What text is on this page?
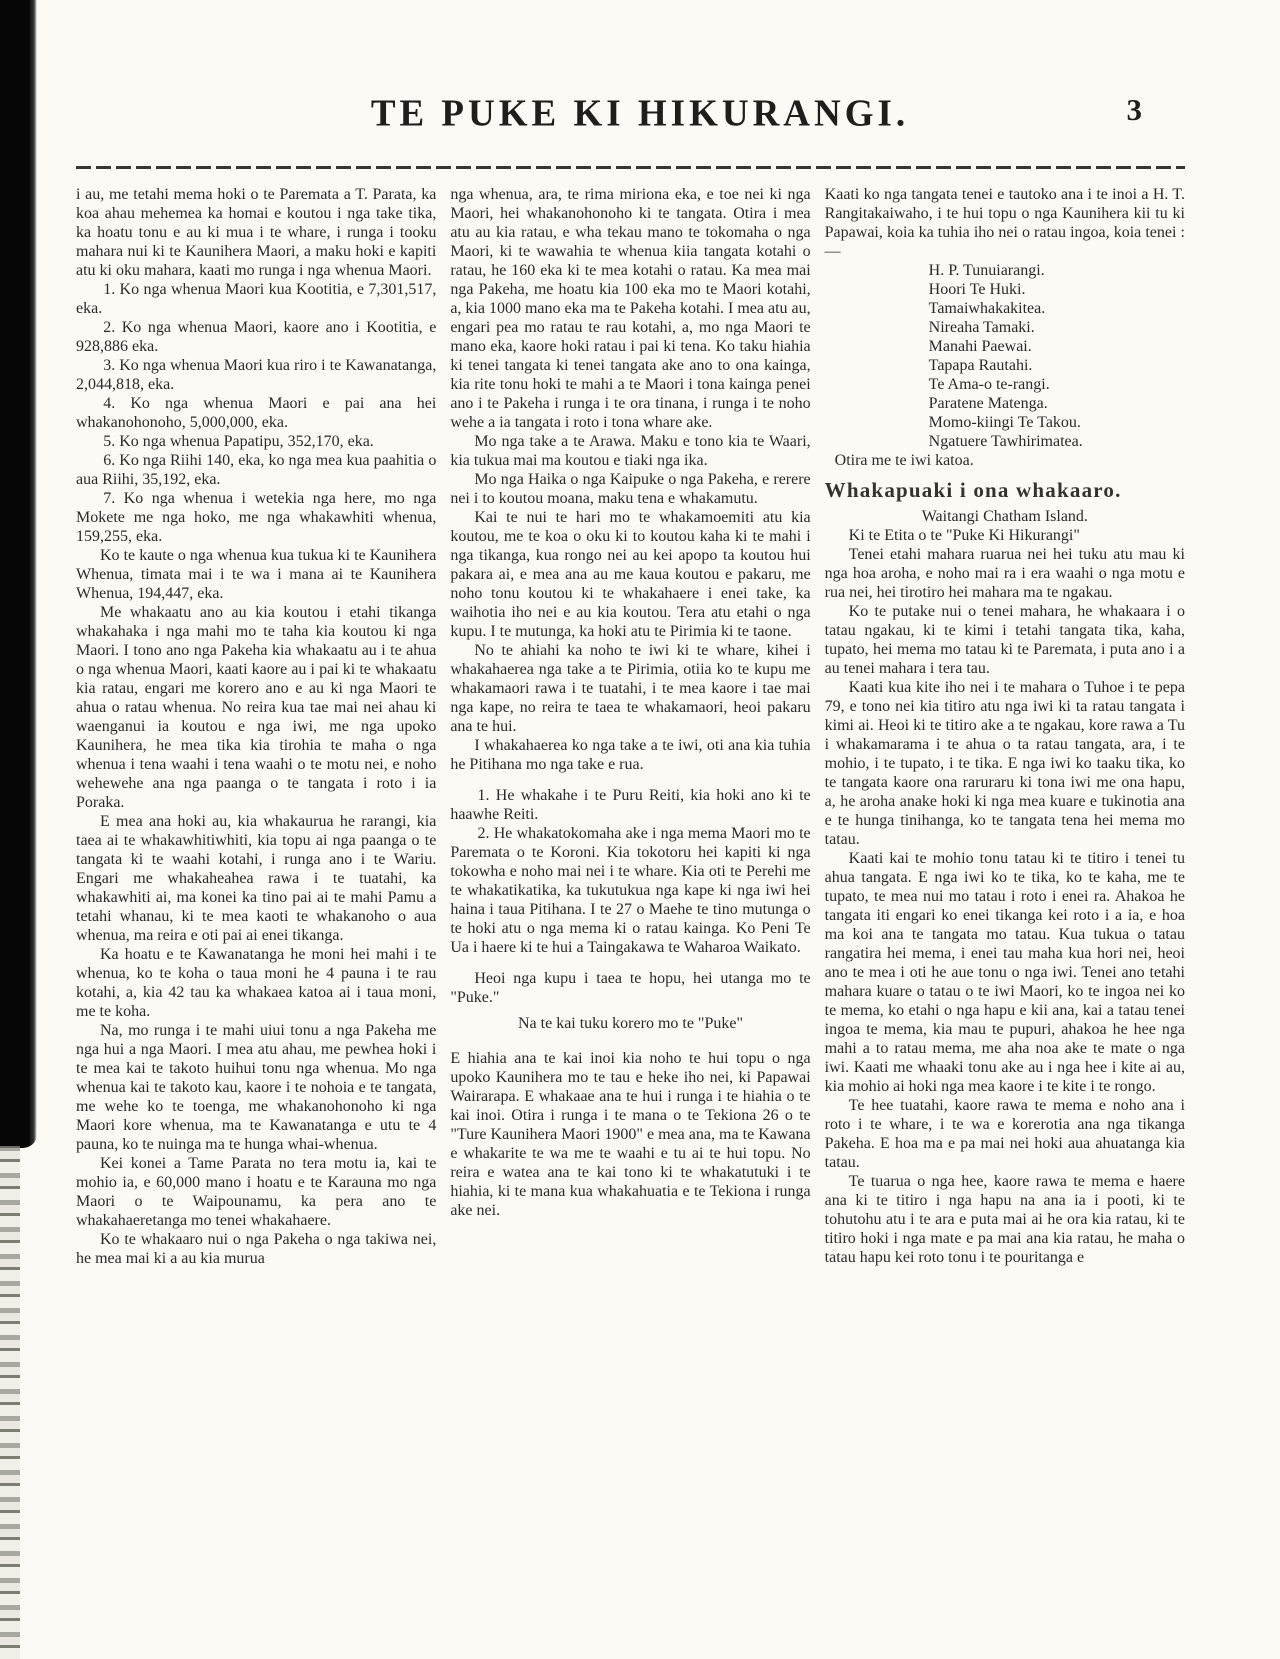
TE PUKE KI HIKURANGI.	3

i au, me tetahi mema hoki o te Paremata a T. Parata, ka koa ahau mehemea ka homai e koutou i nga take tika, ka hoatu tonu e au ki mua i te whare, i runga i tooku mahara nui ki te Kaunihera Maori, a maku hoki e kapiti atu ki oku mahara, kaati mo runga i nga whenua Maori.

1. Ko nga whenua Maori kua Kootitia, e 7,301,517, eka.

2. Ko nga whenua Maori, kaore ano i Kootitia, e 928,886 eka.

3. Ko nga whenua Maori kua riro i te Kawanatanga, 2,044,818, eka.

4. Ko nga whenua Maori e pai ana hei whakanohonoho, 5,000,000, eka.

5. Ko nga whenua Papatipu, 352,170, eka.

6. Ko nga Riihi 140, eka, ko nga mea kua paahitia o aua Riihi, 35,192, eka.

7. Ko nga whenua i wetekia nga here, mo nga Mokete me nga hoko, me nga whakawhiti whenua, 159,255, eka.

Ko te kaute o nga whenua kua tukua ki te Kaunihera Whenua, timata mai i te wa i mana ai te Kaunihera Whenua, 194,447, eka.

Me whakaatu ano au kia koutou i etahi tikanga whakahaka i nga mahi mo te taha kia koutou ki nga Maori. I tono ano nga Pakeha kia whakaatu au i te ahua o nga whenua Maori, kaati kaore au i pai ki te whakaatu kia ratau, engari me korero ano e au ki nga Maori te ahua o ratau whenua. No reira kua tae mai nei ahau ki waenganui ia koutou e nga iwi, me nga upoko Kaunihera, he mea tika kia tirohia te maha o nga whenua i tena waahi i tena waahi o te motu nei, e noho wehewehe ana nga paanga o te tangata i roto i ia Poraka.

E mea ana hoki au, kia whakaurua he rarangi, kia taea ai te whakawhitiwhiti, kia topu ai nga paanga o te tangata ki te waahi kotahi, i runga ano i te Wariu. Engari me whakaheahea rawa i te tuatahi, ka whakawhiti ai, ma konei ka tino pai ai te mahi Pamu a tetahi whanau, ki te mea kaoti te whakanoho o aua whenua, ma reira e oti pai ai enei tikanga.

Ka hoatu e te Kawanatanga he moni hei mahi i te whenua, ko te koha o taua moni he 4 pauna i te rau kotahi, a, kia 42 tau ka whakaea katoa ai i taua moni, me te koha.

Na, mo runga i te mahi uiui tonu a nga Pakeha me nga hui a nga Maori. I mea atu ahau, me pewhea hoki i te mea kai te takoto huihui tonu nga whenua. Mo nga whenua kai te takoto kau, kaore i te nohoia e te tangata, me wehe ko te toenga, me whakanohonoho ki nga Maori kore whenua, ma te Kawanatanga e utu te 4 pauna, ko te nuinga ma te hunga whai-whenua.

Kei konei a Tame Parata no tera motu ia, kai te mohio ia, e 60,000 mano i hoatu e te Karauna mo nga Maori o te Waipounamu, ka pera ano te whakahaeretanga mo tenei whakahaere.

Ko te whakaaro nui o nga Pakeha o nga takiwa nei, he mea mai ki a au kia murua

nga whenua, ara, te rima miriona eka, e toe nei ki nga Maori, hei whakanohonoho ki te tangata. Otira i mea atu au kia ratau, e wha tekau mano te tokomaha o nga Maori, ki te wawahia te whenua kiia tangata kotahi o ratau, he 160 eka ki te mea kotahi o ratau. Ka mea mai nga Pakeha, me hoatu kia 100 eka mo te Maori kotahi, a, kia 1000 mano eka ma te Pakeha kotahi. I mea atu au, engari pea mo ratau te rau kotahi, a, mo nga Maori te mano eka, kaore hoki ratau i pai ki tena. Ko taku hiahia ki tenei tangata ki tenei tangata ake ano to ona kainga, kia rite tonu hoki te mahi a te Maori i tona kainga penei ano i te Pakeha i runga i te ora tinana, i runga i te noho wehe a ia tangata i roto i tona whare ake.

Mo nga take a te Arawa. Maku e tono kia te Waari, kia tukua mai ma koutou e tiaki nga ika.

Mo nga Haika o nga Kaipuke o nga Pakeha, e rerere nei i to koutou moana, maku tena e whakamutu.

Kai te nui te hari mo te whakamoemiti atu kia koutou, me te koa o oku ki to koutou kaha ki te mahi i nga tikanga, kua rongo nei au kei apopo ta koutou hui pakara ai, e mea ana au me kaua koutou e pakaru, me noho tonu koutou ki te whakahaere i enei take, ka waihotia iho nei e au kia koutou. Tera atu etahi o nga kupu. I te mutunga, ka hoki atu te Pirimia ki te taone.

No te ahiahi ka noho te iwi ki te whare, kihei i whakahaerea nga take a te Pirimia, otiia ko te kupu me whakamaori rawa i te tuatahi, i te mea kaore i tae mai nga kape, no reira te taea te whakamaori, heoi pakaru ana te hui.

I whakahaerea ko nga take a te iwi, oti ana kia tuhia he Pitihana mo nga take e rua.

1. He whakahe i te Puru Reiti, kia hoki ano ki te haawhe Reiti.

2. He whakatokomaha ake i nga mema Maori mo te Paremata o te Koroni. Kia tokotoru hei kapiti ki nga tokowha e noho mai nei i te whare. Kia oti te Perehi me te whakatikatika, ka tukutukua nga kape ki nga iwi hei haina i taua Pitihana. I te 27 o Maehe te tino mutunga o te hoki atu o nga mema ki o ratau kainga. Ko Peni Te Ua i haere ki te hui a Taingakawa te Waharoa Waikato.

Heoi nga kupu i taea te hopu, hei utanga mo te "Puke."

Na te kai tuku korero mo te "Puke"

E hiahia ana te kai inoi kia noho te hui topu o nga upoko Kaunihera mo te tau e heke iho nei, ki Papawai Wairarapa. E whakaae ana te hui i runga i te hiahia o te kai inoi. Otira i runga i te mana o te Tekiona 26 o te "Ture Kaunihera Maori 1900" e mea ana, ma te Kawana e whakarite te wa me te waahi e tu ai te hui topu. No reira e watea ana te kai tono ki te whakatutuki i te hiahia, ki te mana kua whakahuatia e te Tekiona i runga ake nei.

Kaati ko nga tangata tenei e tautoko ana i te inoi a H. T. Rangitakaiwaho, i te hui topu o nga Kaunihera kii tu ki Papawai, koia ka tuhia iho nei o ratau ingoa, koia tenei :—

H. P. Tunuiarangi.
Hoori Te Huki.
Tamaiwhakakitea.
Nireaha Tamaki.
Manahi Paewai.
Tapapa Rautahi.
Te Ama-o te-rangi.
Paratene Matenga.
Momo-kiingi Te Takou.
Ngatuere Tawhirimatea.

Otira me te iwi katoa.

Whakapuaki i ona whakaaro.

Waitangi Chatham Island.

Ki te Etita o te "Puke Ki Hikurangi"

Tenei etahi mahara ruarua nei hei tuku atu mau ki nga hoa aroha, e noho mai ra i era waahi o nga motu e rua nei, hei tirotiro hei mahara ma te ngakau.

Ko te putake nui o tenei mahara, he whakaara i o tatau ngakau, ki te kimi i tetahi tangata tika, kaha, tupato, hei mema mo tatau ki te Paremata, i puta ano i a au tenei mahara i tera tau.

Kaati kua kite iho nei i te mahara o Tuhoe i te pepa 79, e tono nei kia titiro atu nga iwi ki ta ratau tangata i kimi ai. Heoi ki te titiro ake a te ngakau, kore rawa a Tu i whakamarama i te ahua o ta ratau tangata, ara, i te mohio, i te tupato, i te tika. E nga iwi ko taaku tika, ko te tangata kaore ona raruraru ki tona iwi me ona hapu, a, he aroha anake hoki ki nga mea kuare e tukinotia ana e te hunga tinihanga, ko te tangata tena hei mema mo tatau.

Kaati kai te mohio tonu tatau ki te titiro i tenei tu ahua tangata. E nga iwi ko te tika, ko te kaha, me te tupato, te mea nui mo tatau i roto i enei ra. Ahakoa he tangata iti engari ko enei tikanga kei roto i a ia, e hoa ma koi ana te tangata mo tatau. Kua tukua o tatau rangatira hei mema, i enei tau maha kua hori nei, heoi ano te mea i oti he aue tonu o nga iwi. Tenei ano tetahi mahara kuare o tatau o te iwi Maori, ko te ingoa nei ko te mema, ko etahi o nga hapu e kii ana, kai a tatau tenei ingoa te mema, kia mau te pupuri, ahakoa he hee nga mahi a to ratau mema, me aha noa ake te mate o nga iwi. Kaati me whaaki tonu ake au i nga hee i kite ai au, kia mohio ai hoki nga mea kaore i te kite i te rongo.

Te hee tuatahi, kaore rawa te mema e noho ana i roto i te whare, i te wa e korerotia ana nga tikanga Pakeha. E hoa ma e pa mai nei hoki aua ahuatanga kia tatau.

Te tuarua o nga hee, kaore rawa te mema e haere ana ki te titiro i nga hapu na ana ia i pooti, ki te tohutohu atu i te ara e puta mai ai he ora kia ratau, ki te titiro hoki i nga mate e pa mai ana kia ratau, he maha o tatau hapu kei roto tonu i te pouritanga e
